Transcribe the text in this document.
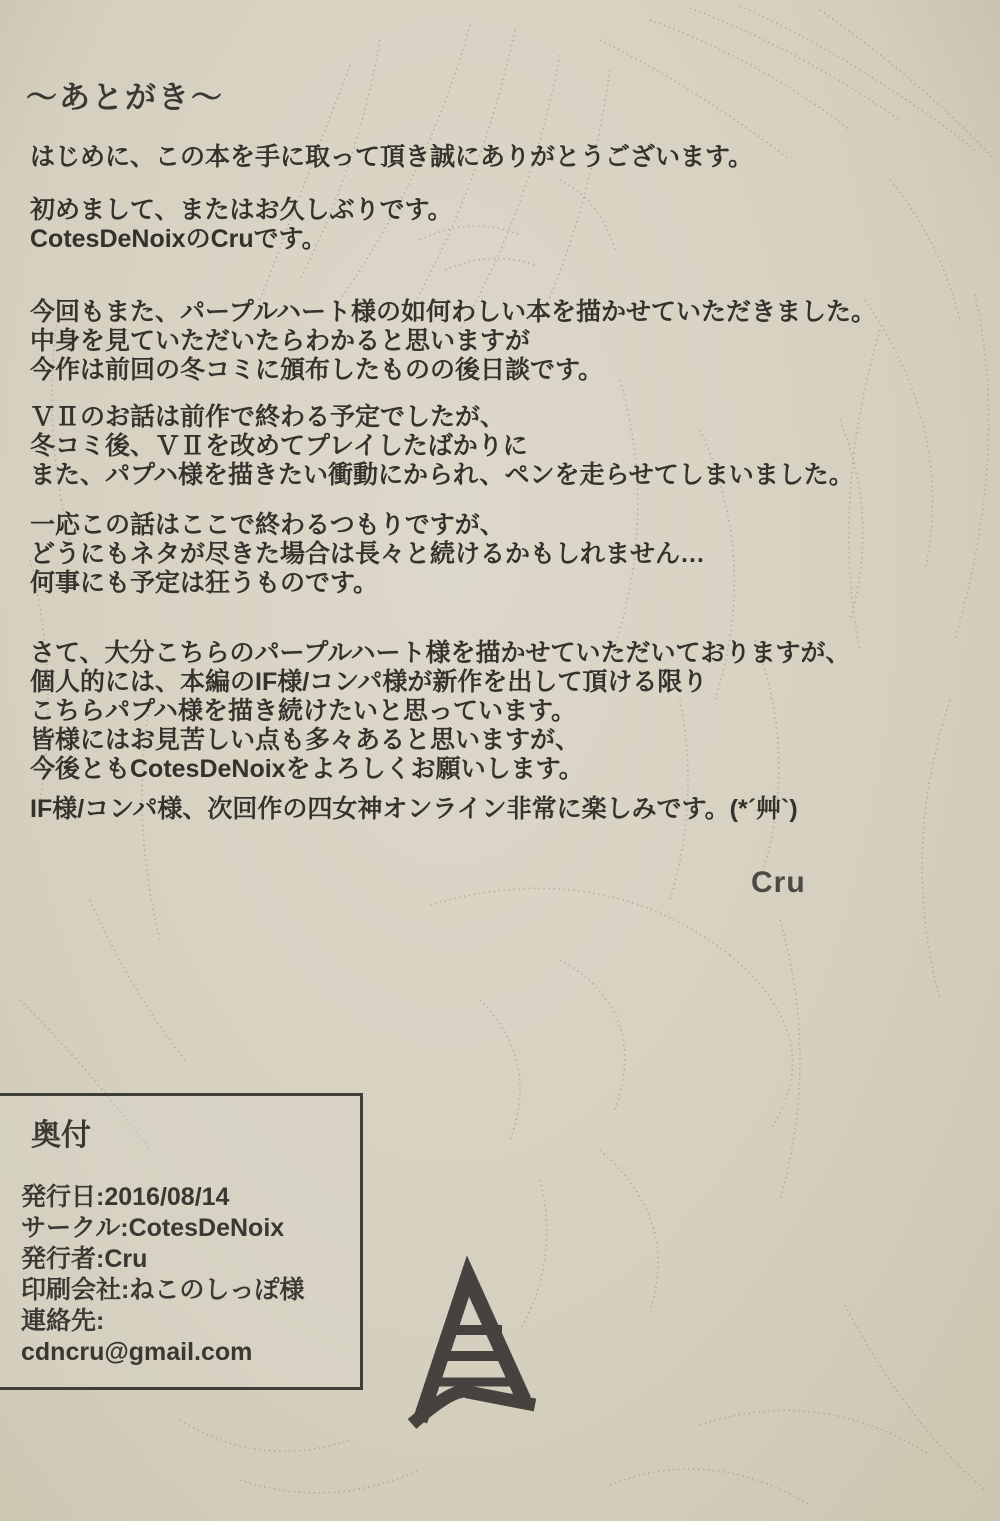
～あとがき～
はじめに、この本を手に取って頂き誠にありがとうございます。
初めまして、またはお久しぶりです。
CotesDeNoixのCruです。
今回もまた、パープルハート様の如何わしい本を描かせていただきました。
中身を見ていただいたらわかると思いますが
今作は前回の冬コミに頒布したものの後日談です。
ＶⅡのお話は前作で終わる予定でしたが、
冬コミ後、ＶⅡを改めてプレイしたばかりに
また、パプハ様を描きたい衝動にかられ、ペンを走らせてしまいました。
一応この話はここで終わるつもりですが、
どうにもネタが尽きた場合は長々と続けるかもしれません…
何事にも予定は狂うものです。
さて、大分こちらのパープルハート様を描かせていただいておりますが、
個人的には、本編のIF様/コンパ様が新作を出して頂ける限り
こちらパプハ様を描き続けたいと思っています。
皆様にはお見苦しい点も多々あると思いますが、
今後ともCotesDeNoixをよろしくお願いします。
IF様/コンパ様、次回作の四女神オンライン非常に楽しみです。(*´艸`)
Cru
奥付
発行日:2016/08/14
サークル:CotesDeNoix
発行者:Cru
印刷会社:ねこのしっぽ様
連絡先:
cdncru@gmail.com
